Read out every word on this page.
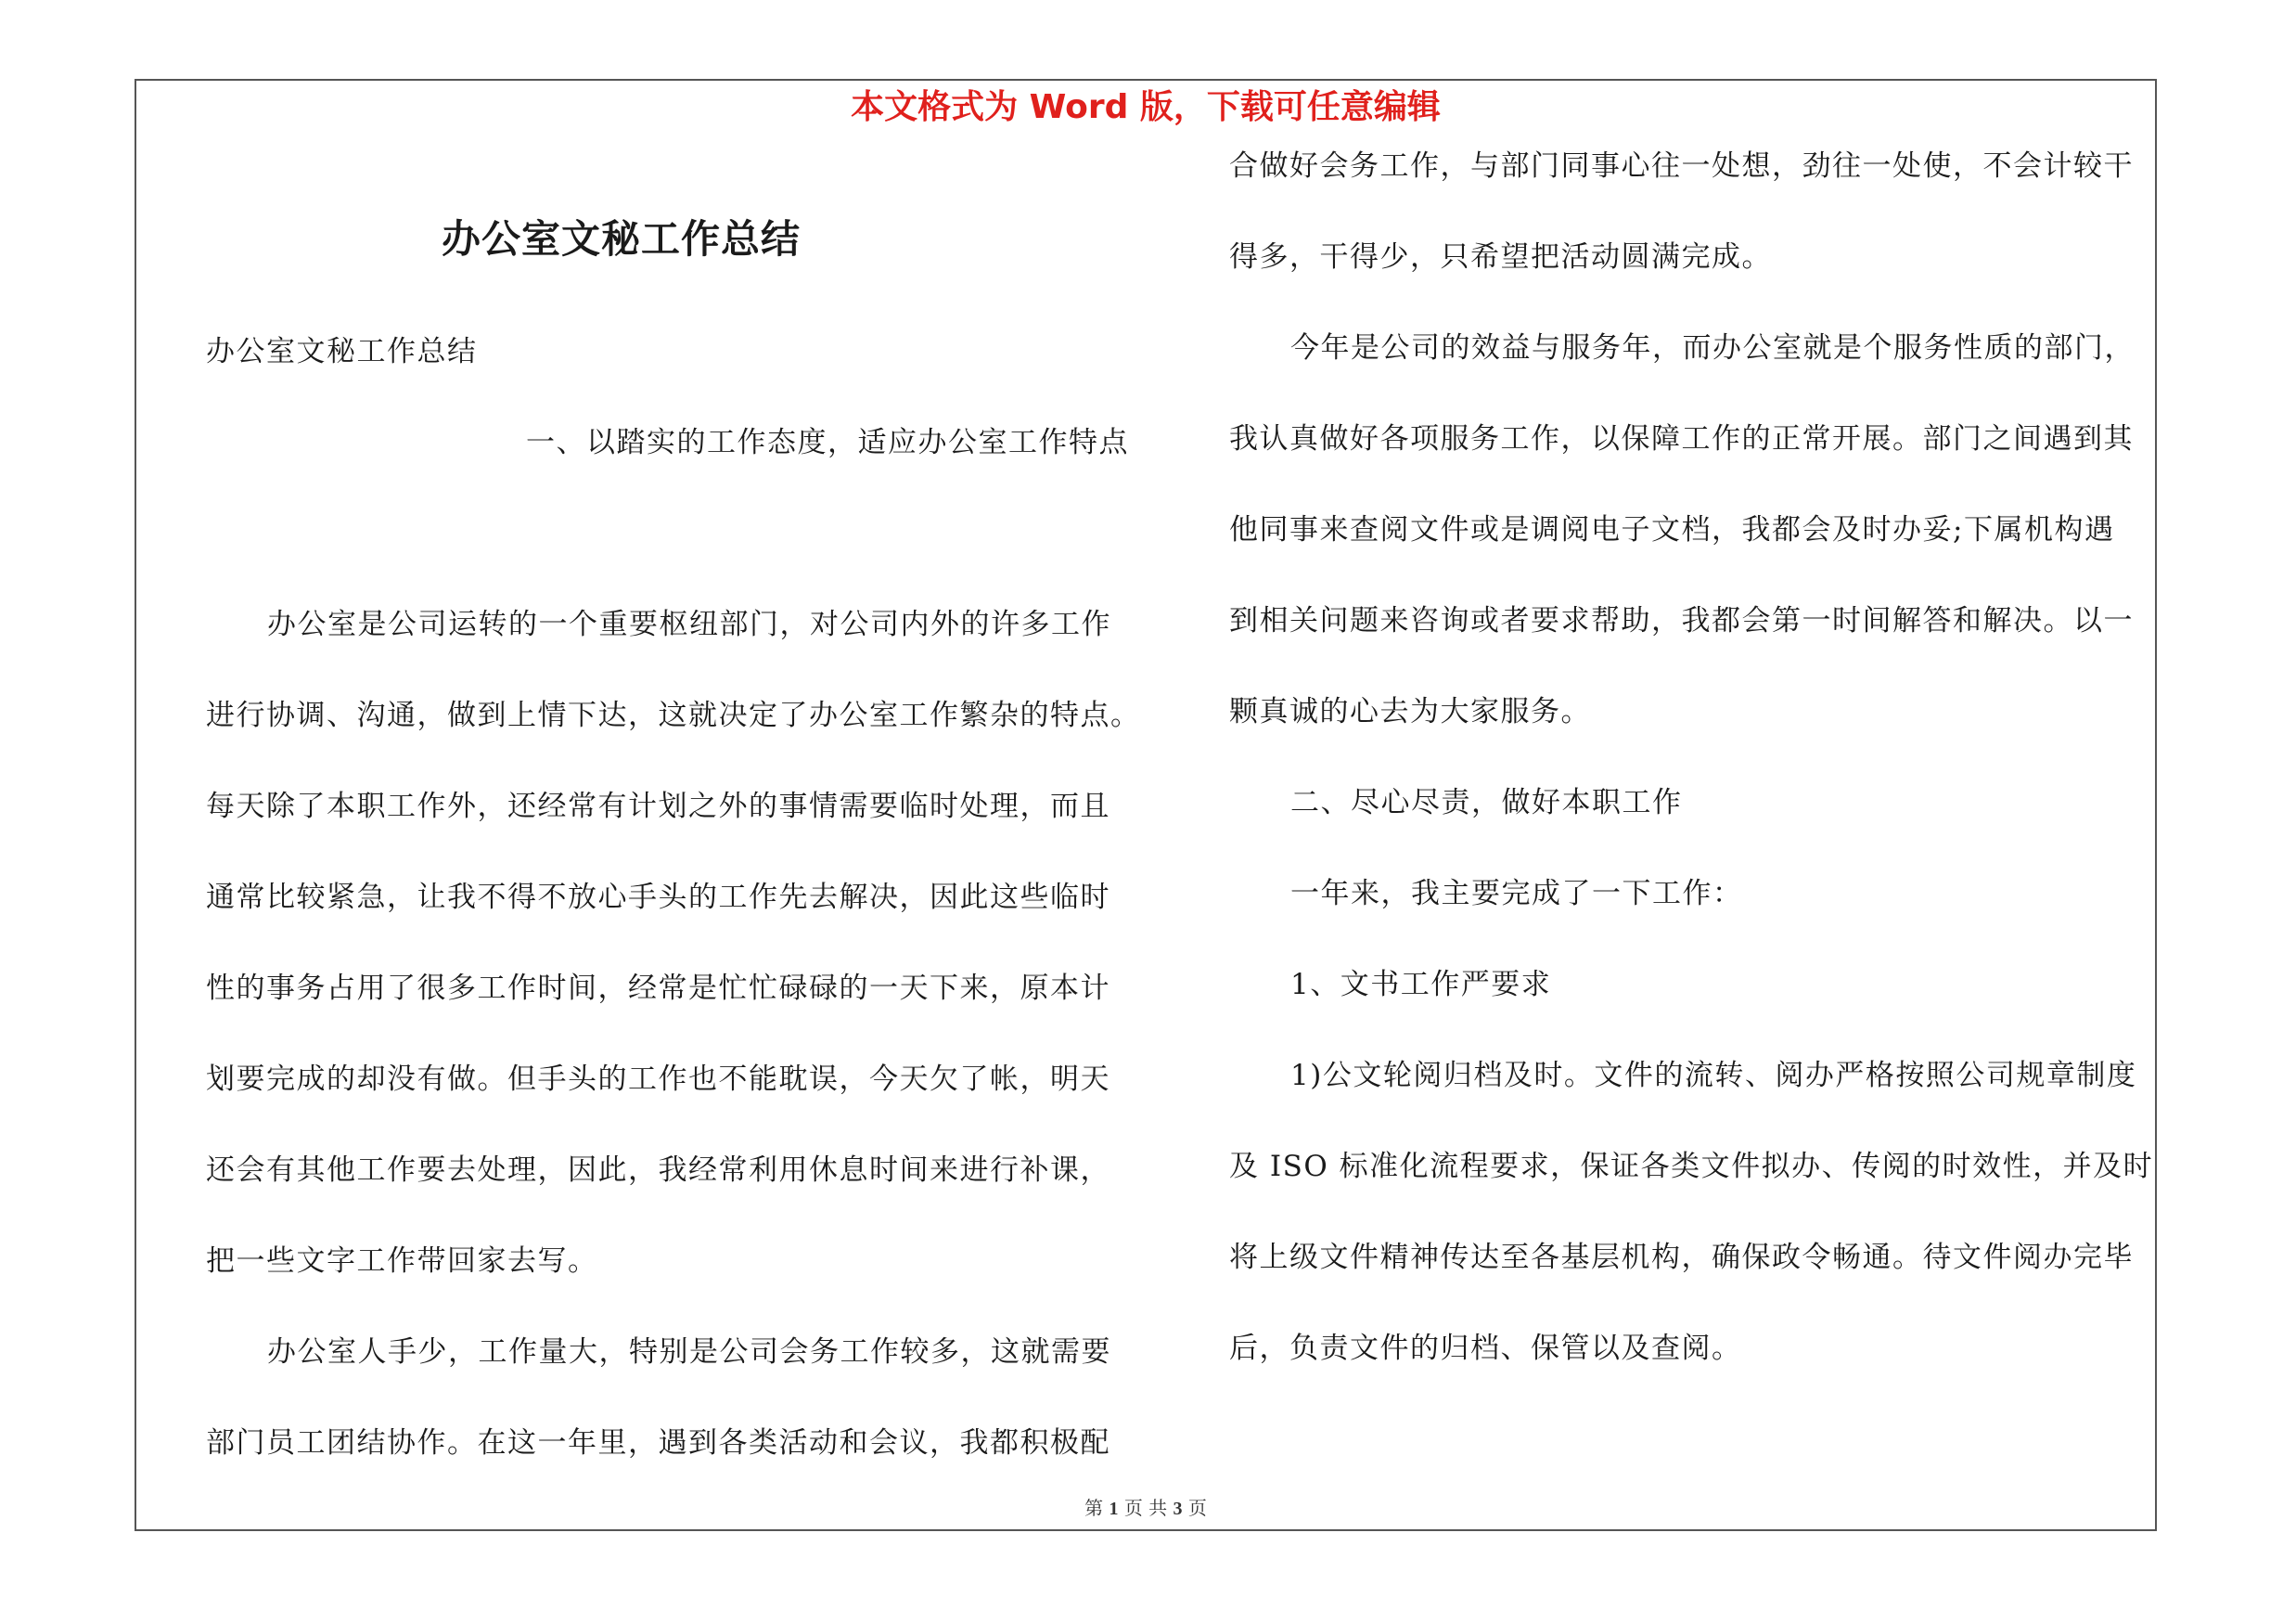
本文格式为 Word 版，下载可任意编辑
办公室文秘工作总结
办公室文秘工作总结
一、以踏实的工作态度，适应办公室工作特点
办公室是公司运转的一个重要枢纽部门，对公司内外的许多工作
进行协调、沟通，做到上情下达，这就决定了办公室工作繁杂的特点。
每天除了本职工作外，还经常有计划之外的事情需要临时处理，而且
通常比较紧急，让我不得不放心手头的工作先去解决，因此这些临时
性的事务占用了很多工作时间，经常是忙忙碌碌的一天下来，原本计
划要完成的却没有做。但手头的工作也不能耽误，今天欠了帐，明天
还会有其他工作要去处理，因此，我经常利用休息时间来进行补课，
把一些文字工作带回家去写。
办公室人手少，工作量大，特别是公司会务工作较多，这就需要
部门员工团结协作。在这一年里，遇到各类活动和会议，我都积极配
合做好会务工作，与部门同事心往一处想，劲往一处使，不会计较干
得多，干得少，只希望把活动圆满完成。
今年是公司的效益与服务年，而办公室就是个服务性质的部门，
我认真做好各项服务工作，以保障工作的正常开展。部门之间遇到其
他同事来查阅文件或是调阅电子文档，我都会及时办妥;下属机构遇
到相关问题来咨询或者要求帮助，我都会第一时间解答和解决。以一
颗真诚的心去为大家服务。
二、尽心尽责，做好本职工作
一年来，我主要完成了一下工作：
1、文书工作严要求
1)公文轮阅归档及时。文件的流转、阅办严格按照公司规章制度
及 ISO 标准化流程要求，保证各类文件拟办、传阅的时效性，并及时
将上级文件精神传达至各基层机构，确保政令畅通。待文件阅办完毕
后，负责文件的归档、保管以及查阅。
第 1 页 共 3 页
